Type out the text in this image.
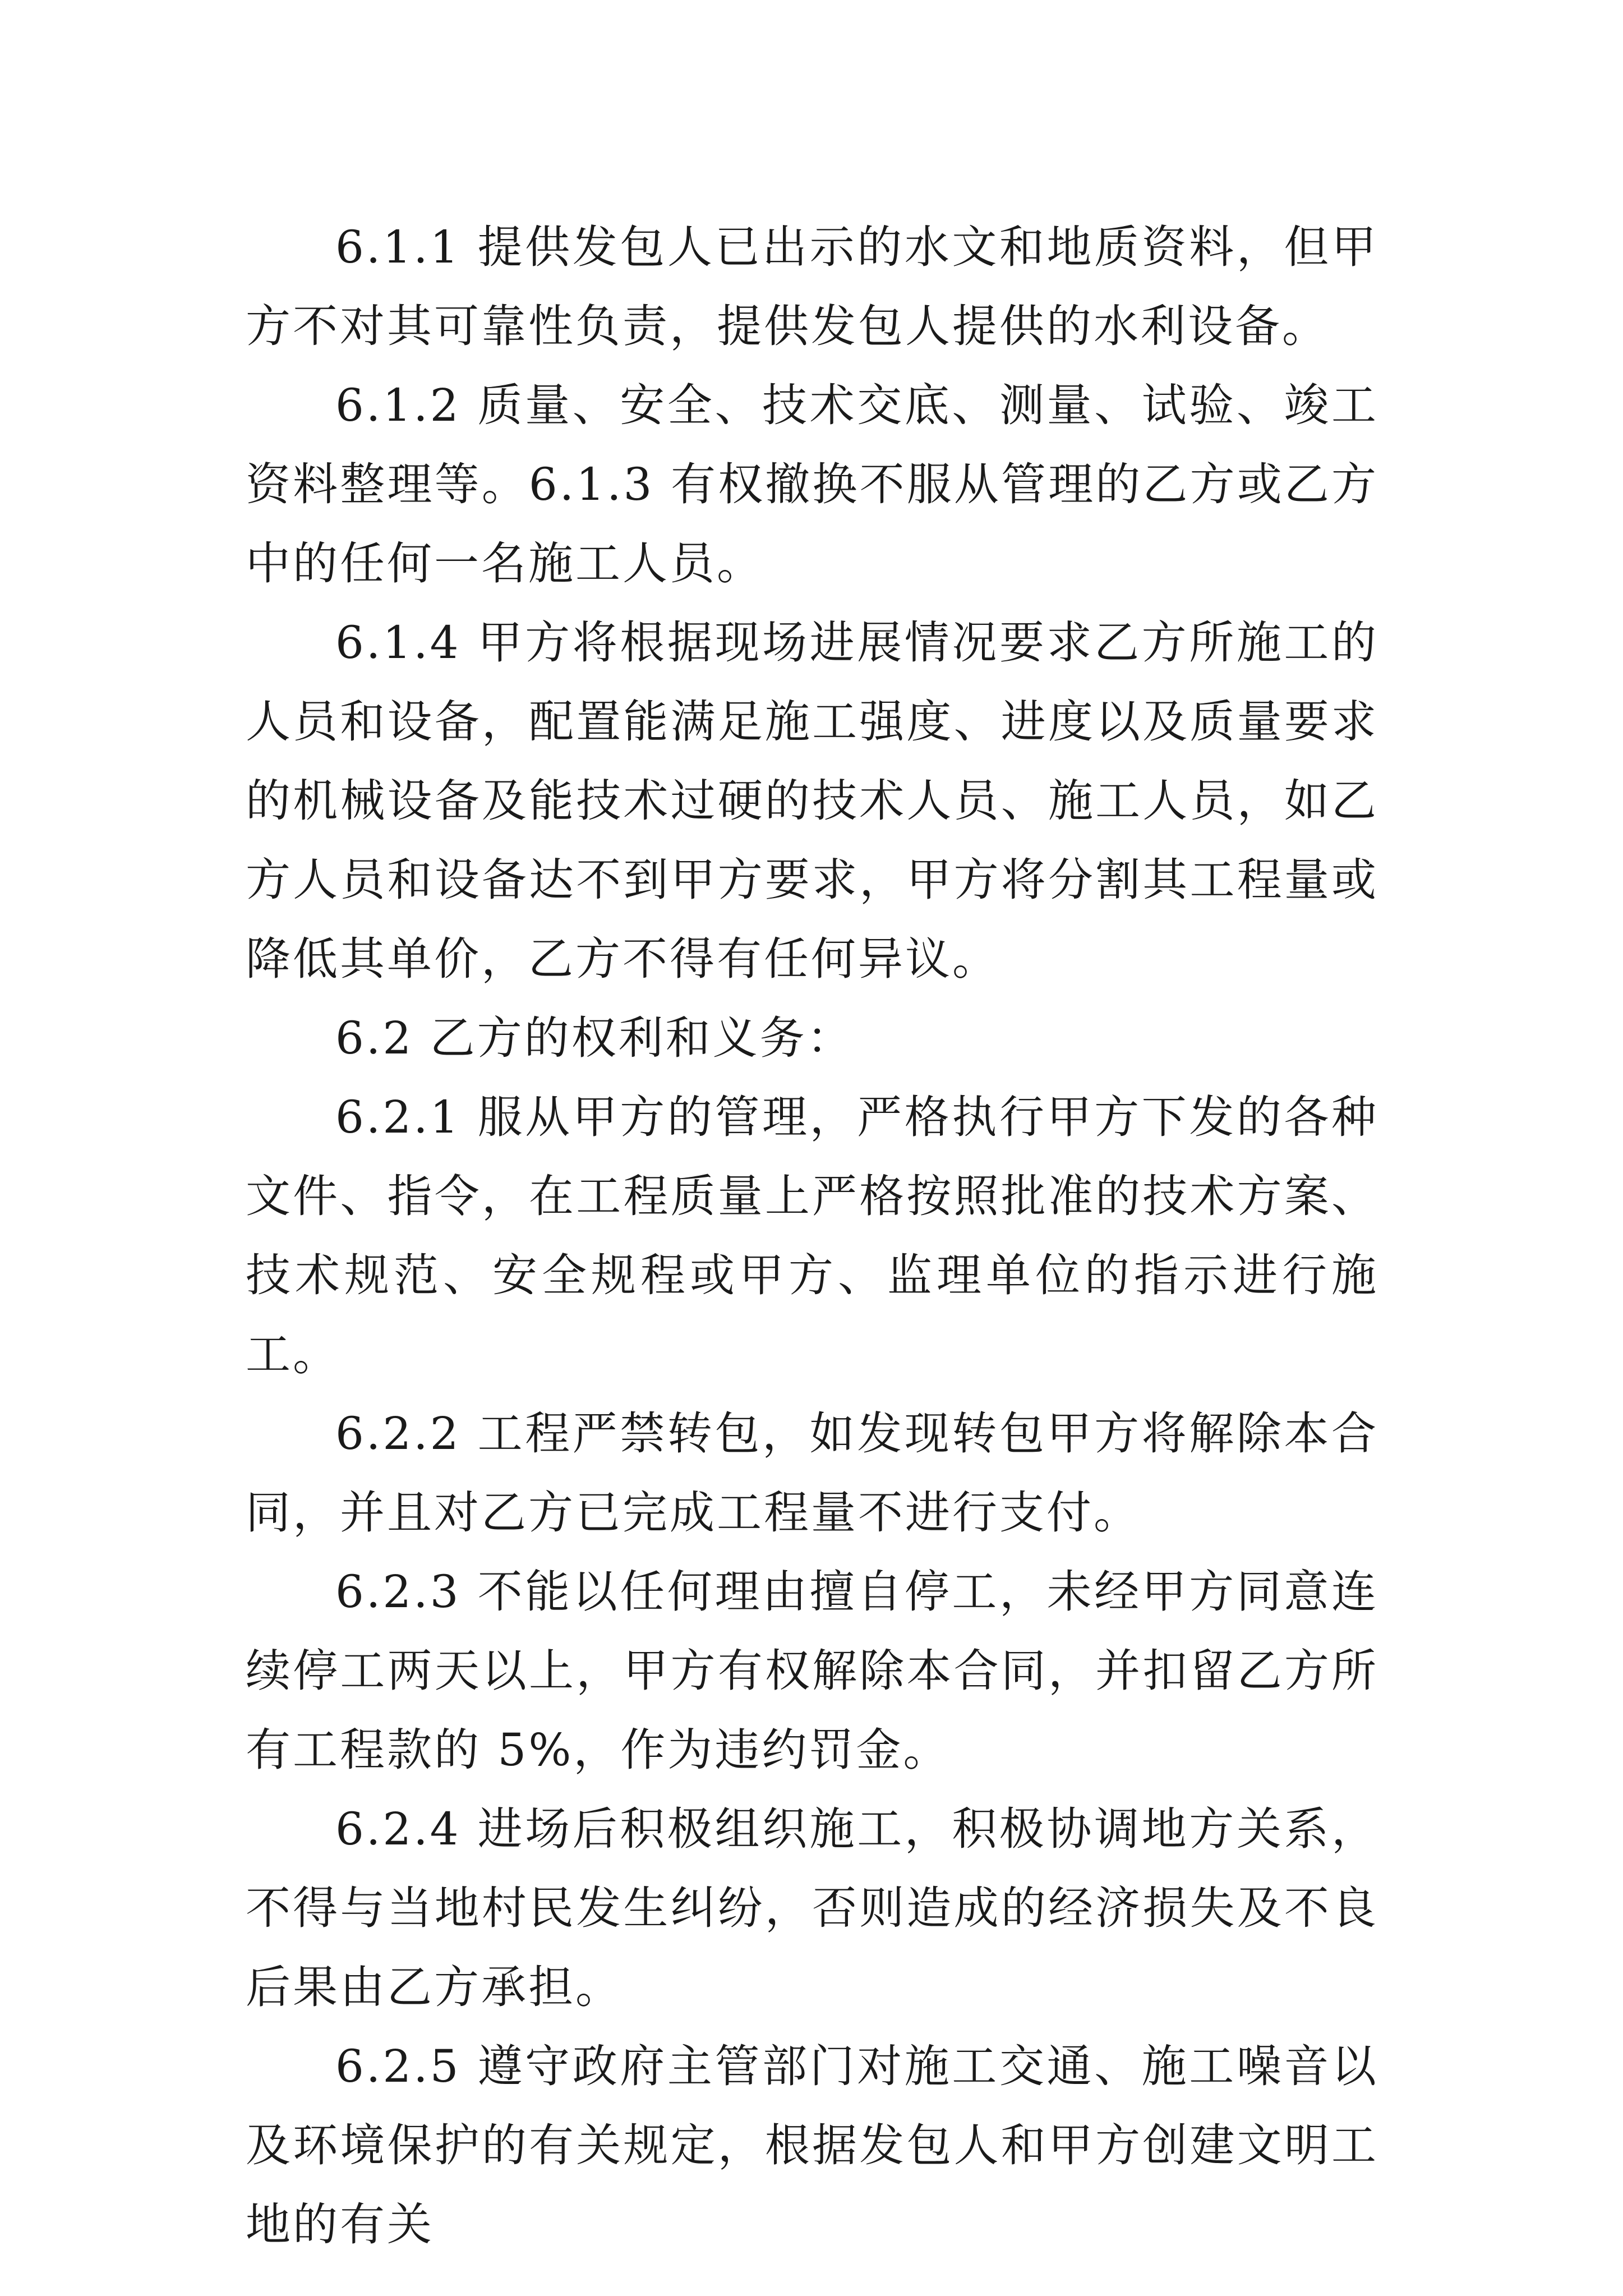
6.1.1 提供发包人已出示的水文和地质资料，但甲方不对其可靠性负责，提供发包人提供的水利设备。

6.1.2 质量、安全、技术交底、测量、试验、竣工资料整理等。6.1.3 有权撤换不服从管理的乙方或乙方中的任何一名施工人员。

6.1.4 甲方将根据现场进展情况要求乙方所施工的人员和设备，配置能满足施工强度、进度以及质量要求的机械设备及能技术过硬的技术人员、施工人员，如乙方人员和设备达不到甲方要求，甲方将分割其工程量或降低其单价，乙方不得有任何异议。

6.2 乙方的权利和义务：

6.2.1 服从甲方的管理，严格执行甲方下发的各种文件、指令，在工程质量上严格按照批准的技术方案、技术规范、安全规程或甲方、监理单位的指示进行施工。

6.2.2 工程严禁转包，如发现转包甲方将解除本合同，并且对乙方已完成工程量不进行支付。

6.2.3 不能以任何理由擅自停工，未经甲方同意连续停工两天以上，甲方有权解除本合同，并扣留乙方所有工程款的 5%，作为违约罚金。

6.2.4 进场后积极组织施工，积极协调地方关系，不得与当地村民发生纠纷，否则造成的经济损失及不良后果由乙方承担。

6.2.5 遵守政府主管部门对施工交通、施工噪音以及环境保护的有关规定，根据发包人和甲方创建文明工地的有关
